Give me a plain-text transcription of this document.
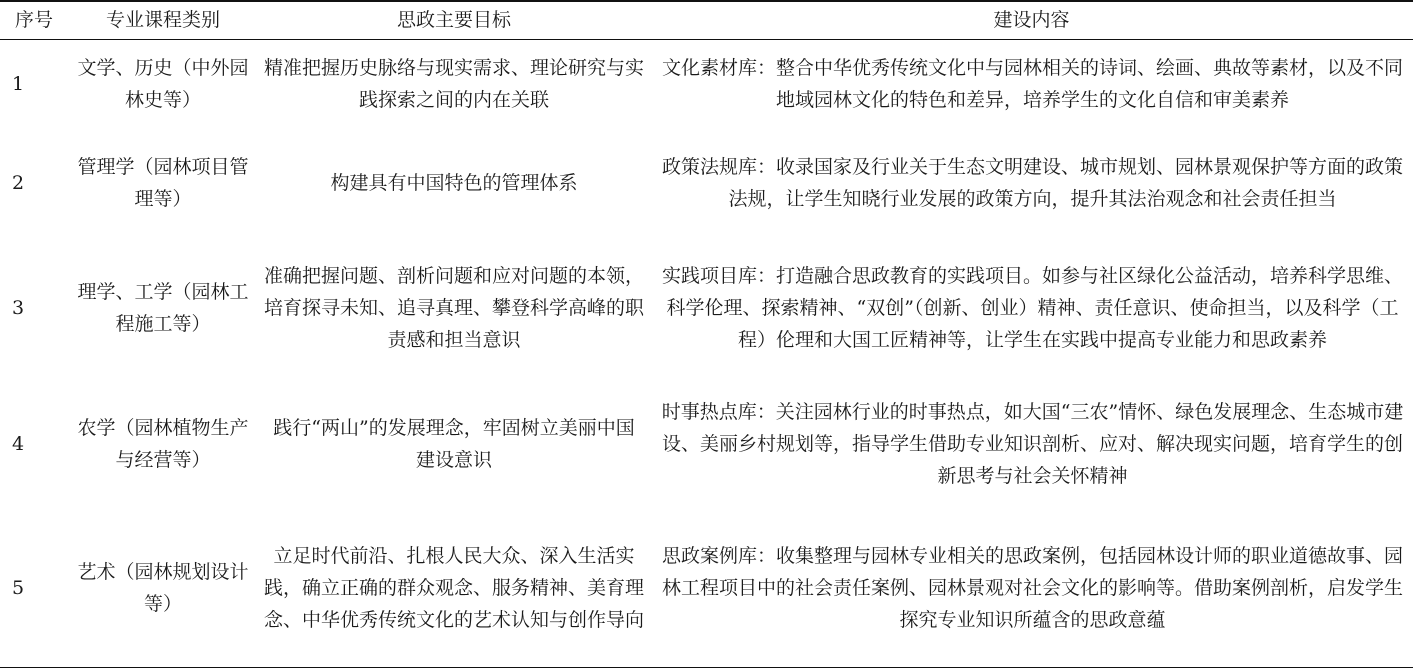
序号	专业课程类别	思政主要目标	建设内容
1	文学、历史（中外园林史等）	精准把握历史脉络与现实需求、理论研究与实践探索之间的内在关联	文化素材库：整合中华优秀传统文化中与园林相关的诗词、绘画、典故等素材，以及不同地域园林文化的特色和差异，培养学生的文化自信和审美素养
2	管理学（园林项目管理等）	构建具有中国特色的管理体系	政策法规库：收录国家及行业关于生态文明建设、城市规划、园林景观保护等方面的政策法规，让学生知晓行业发展的政策方向，提升其法治观念和社会责任担当
3	理学、工学（园林工程施工等）	准确把握问题、剖析问题和应对问题的本领，培育探寻未知、追寻真理、攀登科学高峰的职责感和担当意识	实践项目库：打造融合思政教育的实践项目。如参与社区绿化公益活动，培养科学思维、科学伦理、探索精神、“双创”（创新、创业）精神、责任意识、使命担当，以及科学（工程）伦理和大国工匠精神等，让学生在实践中提高专业能力和思政素养
4	农学（园林植物生产与经营等）	践行“两山”的发展理念，牢固树立美丽中国建设意识	时事热点库：关注园林行业的时事热点，如大国“三农”情怀、绿色发展理念、生态城市建设、美丽乡村规划等，指导学生借助专业知识剖析、应对、解决现实问题，培育学生的创新思考与社会关怀精神
5	艺术（园林规划设计等）	立足时代前沿、扎根人民大众、深入生活实践，确立正确的群众观念、服务精神、美育理念、中华优秀传统文化的艺术认知与创作导向	思政案例库：收集整理与园林专业相关的思政案例，包括园林设计师的职业道德故事、园林工程项目中的社会责任案例、园林景观对社会文化的影响等。借助案例剖析，启发学生探究专业知识所蕴含的思政意蕴
